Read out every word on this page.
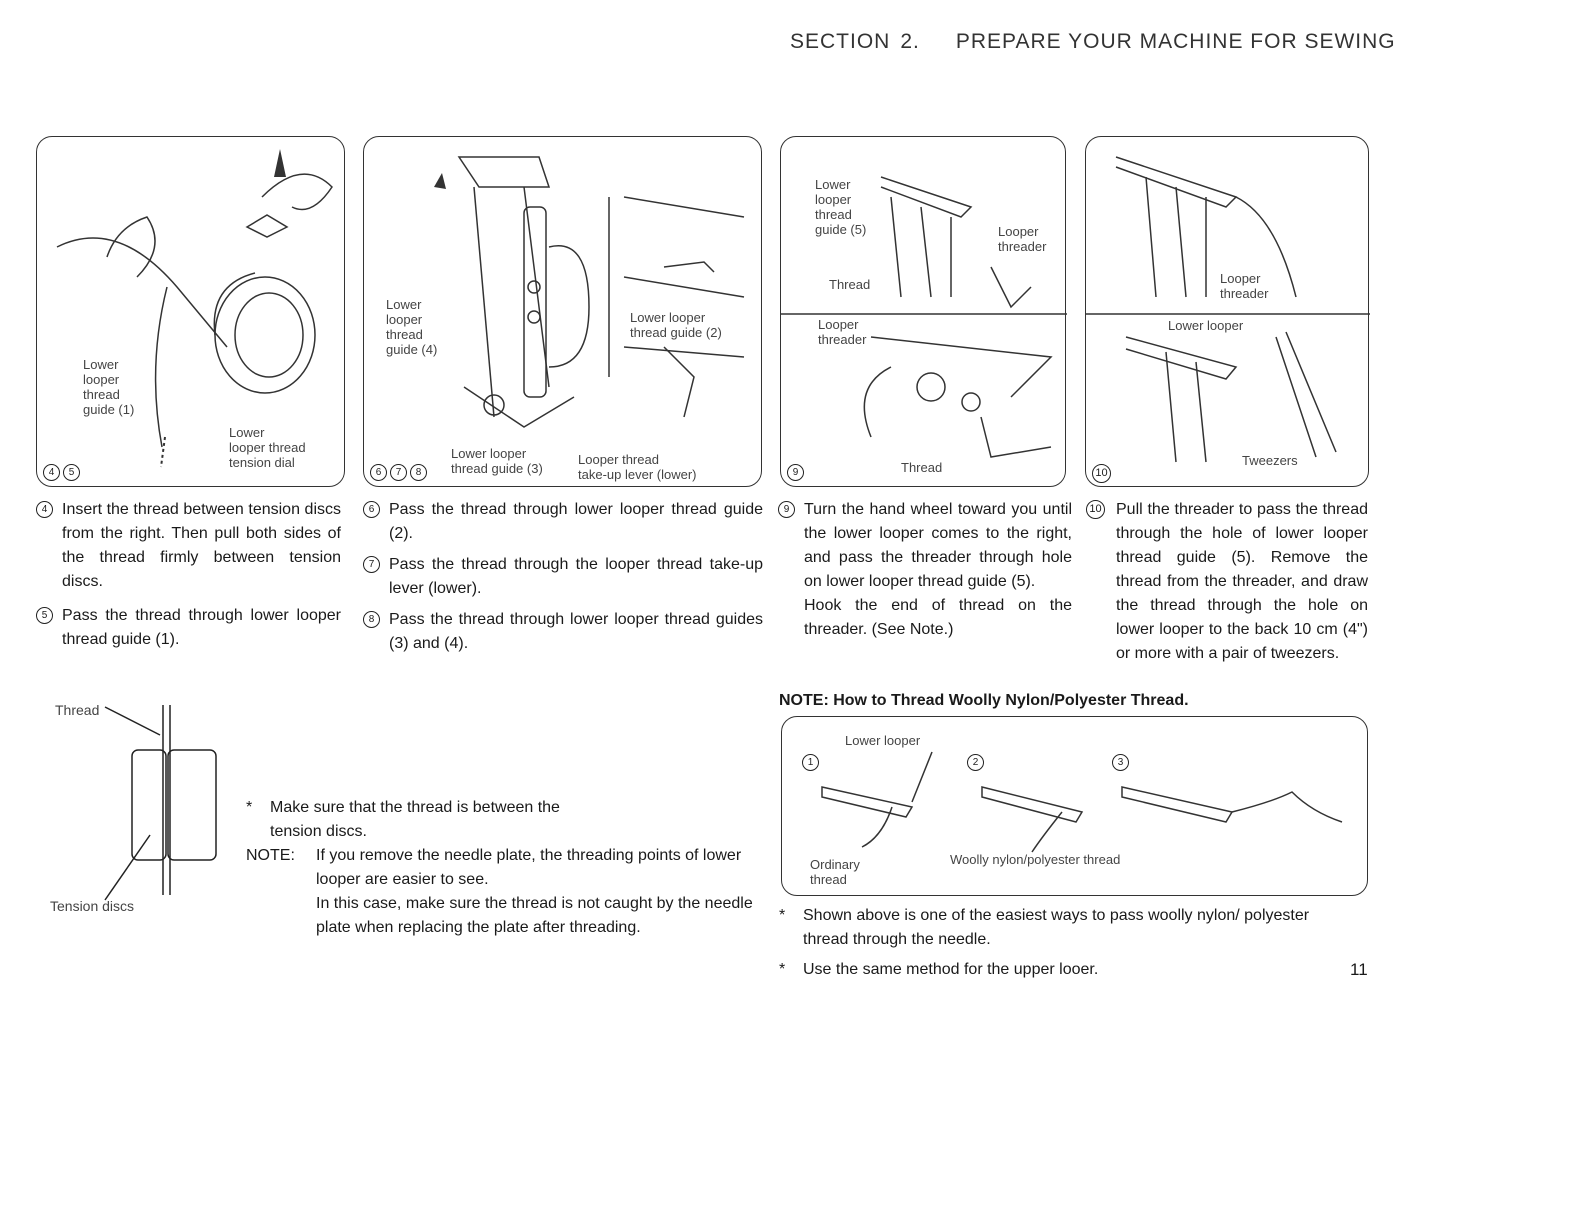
SECTION 2. PREPARE YOUR MACHINE FOR SEWING
Lower
looper
thread
guide (1)
Lower
looper thread
tension dial
4 5
Lower
looper
thread
guide (4)
Lower looper
thread guide (2)
Lower looper
thread guide (3)
Looper thread
take-up lever (lower)
6 7 8
Lower
looper
thread
guide (5)
Thread
Looper
threader
Looper
threader
Thread
9
Looper
threader
Lower looper
Tweezers
10
4 Insert the thread between tension discs from the right. Then pull both sides of the thread firmly between tension discs.
5 Pass the thread through lower looper thread guide (1).
6 Pass the thread through lower looper thread guide (2).
7 Pass the thread through the looper thread take-up lever (lower).
8 Pass the thread through lower looper thread guides (3) and (4).
9 Turn the hand wheel toward you until the lower looper comes to the right, and pass the threader through hole on lower looper thread guide (5).

Hook the end of thread on the threader. (See Note.)

10 Pull the threader to pass the thread through the hole of lower looper thread guide (5). Remove the thread from the threader, and draw the thread through the hole on lower looper to the back 10 cm (4") or more with a pair of tweezers.
Thread
Tension discs
*	Make sure that the thread is between the tension discs.
NOTE:	If you remove the needle plate, the threading points of lower looper are easier to see.

In this case, make sure the thread is not caught by the needle plate when replacing the plate after threading.

NOTE: How to Thread Woolly Nylon/Polyester Thread.
Lower looper
1	2	3
Ordinary
thread
Woolly nylon/polyester thread
*	Shown above is one of the easiest ways to pass woolly nylon/ polyester thread through the needle.
*	Use the same method for the upper looer.	11
